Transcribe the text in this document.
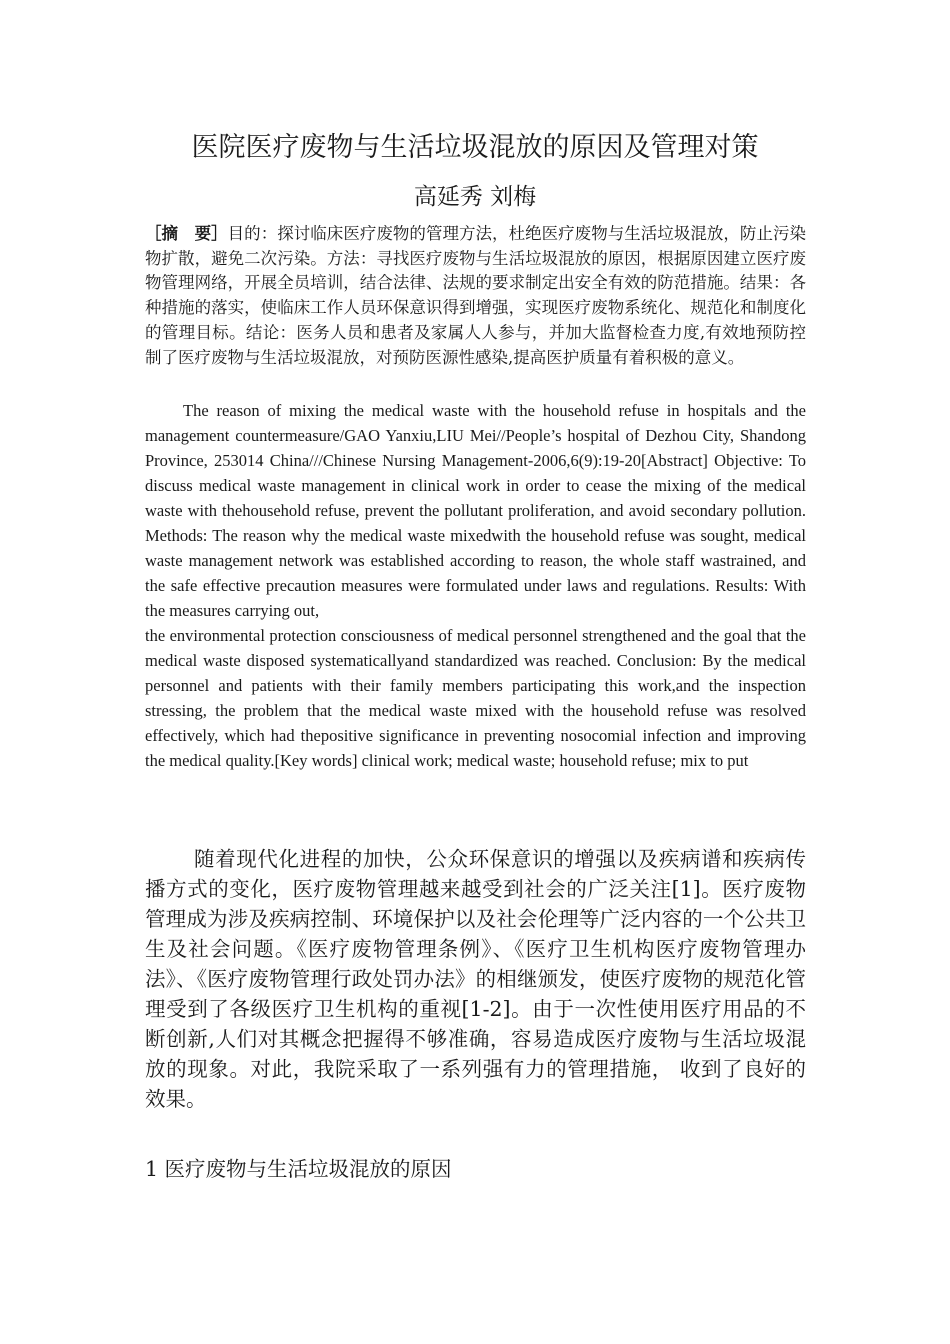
医院医疗废物与生活垃圾混放的原因及管理对策
高延秀 刘梅
［摘　要］目的：探讨临床医疗废物的管理方法，杜绝医疗废物与生活垃圾混放，防止污染物扩散，避免二次污染。方法：寻找医疗废物与生活垃圾混放的原因，根据原因建立医疗废物管理网络，开展全员培训，结合法律、法规的要求制定出安全有效的防范措施。结果：各种措施的落实，使临床工作人员环保意识得到增强，实现医疗废物系统化、规范化和制度化的管理目标。结论：医务人员和患者及家属人人参与，并加大监督检查力度,有效地预防控制了医疗废物与生活垃圾混放，对预防医源性感染,提高医护质量有着积极的意义。

The reason of mixing the medical waste with the household refuse in hospitals and the management countermeasure/GAO Yanxiu,LIU Mei//People’s hospital of Dezhou City, Shandong Province, 253014 China///Chinese Nursing Management-2006,6(9):19-20[Abstract] Objective: To discuss medical waste management in clinical work in order to cease the mixing of the medical waste with thehousehold refuse, prevent the pollutant proliferation, and avoid secondary pollution. Methods: The reason why the medical waste mixedwith the household refuse was sought, medical waste management network was established according to reason, the whole staff wastrained, and the safe effective precaution measures were formulated under laws and regulations. Results: With the measures carrying out,

the environmental protection consciousness of medical personnel strengthened and the goal that the medical waste disposed systematicallyand standardized was reached. Conclusion: By the medical personnel and patients with their family members participating this work,and the inspection stressing, the problem that the medical waste mixed with the household refuse was resolved effectively, which had thepositive significance in preventing nosocomial infection and improving the medical quality.[Key words] clinical work; medical waste; household refuse; mix to put

随着现代化进程的加快，公众环保意识的增强以及疾病谱和疾病传播方式的变化，医疗废物管理越来越受到社会的广泛关注[1]。医疗废物管理成为涉及疾病控制、环境保护以及社会伦理等广泛内容的一个公共卫生及社会问题。《医疗废物管理条例》、《医疗卫生机构医疗废物管理办法》、《医疗废物管理行政处罚办法》的相继颁发，使医疗废物的规范化管理受到了各级医疗卫生机构的重视[1-2]。由于一次性使用医疗用品的不断创新,人们对其概念把握得不够准确，容易造成医疗废物与生活垃圾混放的现象。对此，我院采取了一系列强有力的管理措施， 收到了良好的效果。

1 医疗废物与生活垃圾混放的原因
